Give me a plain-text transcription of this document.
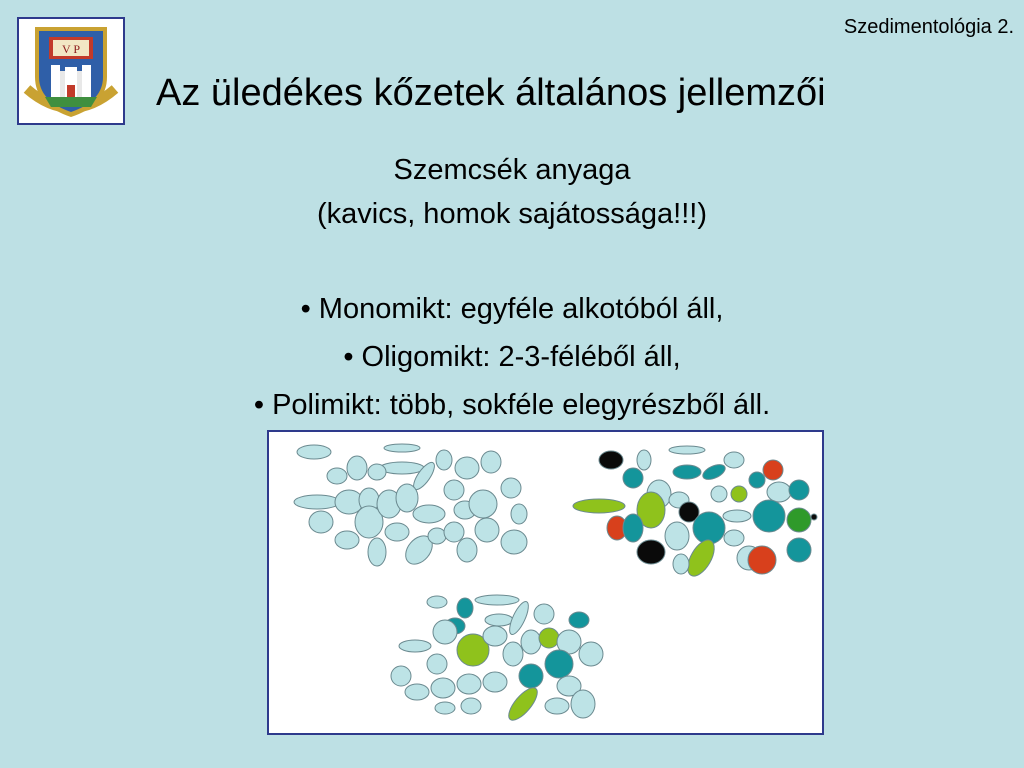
V P
Szedimentológia 2.
Az üledékes kőzetek általános jellemzői
Szemcsék anyaga
(kavics, homok sajátossága!!!)
• Monomikt: egyféle alkotóból áll,
• Oligomikt: 2-3-féléből áll,
• Polimikt: több, sokféle elegyrészből áll.
